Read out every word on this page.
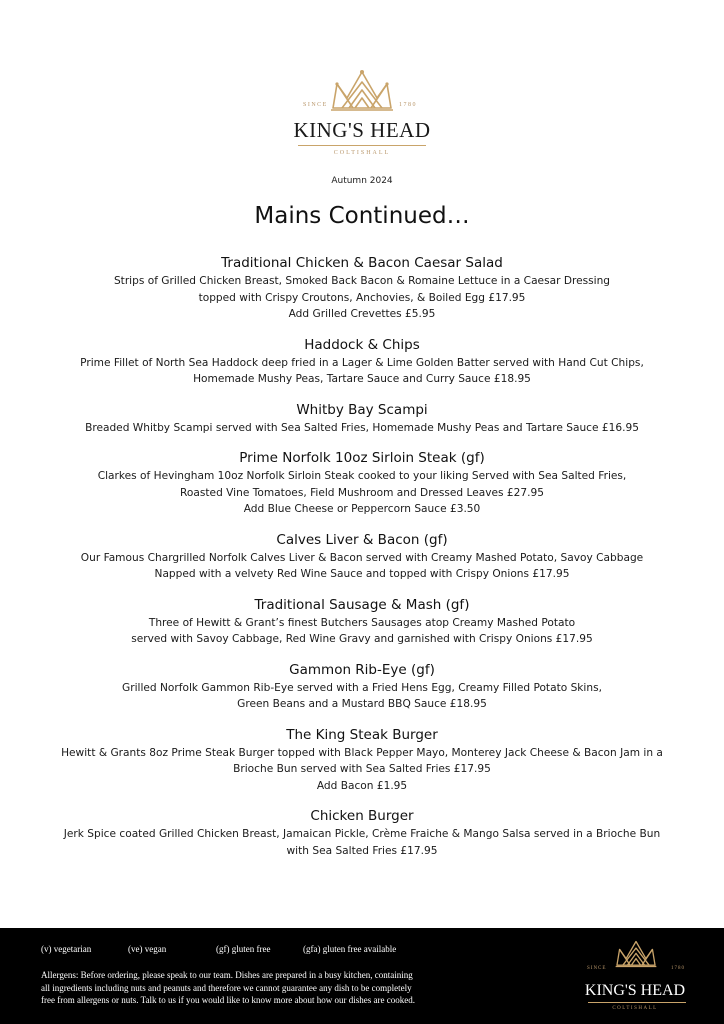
SINCE	1780
KING'S HEAD
COLTISHALL
Autumn 2024
Mains Continued…
Traditional Chicken & Bacon Caesar Salad
Strips of Grilled Chicken Breast, Smoked Back Bacon & Romaine Lettuce in a Caesar Dressing
topped with Crispy Croutons, Anchovies, & Boiled Egg £17.95
Add Grilled Crevettes £5.95
Haddock & Chips
Prime Fillet of North Sea Haddock deep fried in a Lager & Lime Golden Batter served with Hand Cut Chips,
Homemade Mushy Peas, Tartare Sauce and Curry Sauce £18.95
Whitby Bay Scampi
Breaded Whitby Scampi served with Sea Salted Fries, Homemade Mushy Peas and Tartare Sauce £16.95
Prime Norfolk 10oz Sirloin Steak (gf)
Clarkes of Hevingham 10oz Norfolk Sirloin Steak cooked to your liking Served with Sea Salted Fries,
Roasted Vine Tomatoes, Field Mushroom and Dressed Leaves £27.95
Add Blue Cheese or Peppercorn Sauce £3.50
Calves Liver & Bacon (gf)
Our Famous Chargrilled Norfolk Calves Liver & Bacon served with Creamy Mashed Potato, Savoy Cabbage
Napped with a velvety Red Wine Sauce and topped with Crispy Onions £17.95
Traditional Sausage & Mash (gf)
Three of Hewitt & Grant’s finest Butchers Sausages atop Creamy Mashed Potato
served with Savoy Cabbage, Red Wine Gravy and garnished with Crispy Onions £17.95
Gammon Rib-Eye (gf)
Grilled Norfolk Gammon Rib-Eye served with a Fried Hens Egg, Creamy Filled Potato Skins,
Green Beans and a Mustard BBQ Sauce £18.95
The King Steak Burger
Hewitt & Grants 8oz Prime Steak Burger topped with Black Pepper Mayo, Monterey Jack Cheese & Bacon Jam in a
Brioche Bun served with Sea Salted Fries £17.95
Add Bacon £1.95
Chicken Burger
Jerk Spice coated Grilled Chicken Breast, Jamaican Pickle, Crème Fraiche & Mango Salsa served in a Brioche Bun
with Sea Salted Fries £17.95
(v) vegetarian	(ve) vegan	(gf) gluten free	(gfa) gluten free available
Allergens: Before ordering, please speak to our team. Dishes are prepared in a busy kitchen, containing
all ingredients including nuts and peanuts and therefore we cannot guarantee any dish to be completely
free from allergens or nuts. Talk to us if you would like to know more about how our dishes are cooked.
SINCE	1780
KING'S HEAD
COLTISHALL
